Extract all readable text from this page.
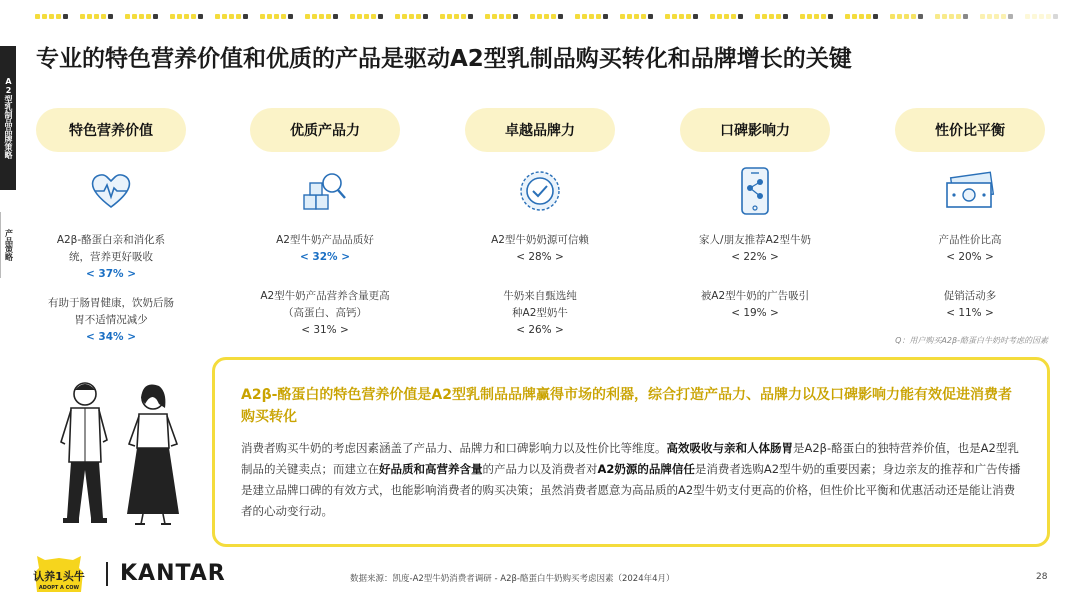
A2型乳制品品牌策略
产品策略
专业的特色营养价值和优质的产品是驱动A2型乳制品购买转化和品牌增长的关键
特色营养价值
A2β-酪蛋白亲和消化系统，营养更好吸收
< 37% >
有助于肠胃健康，饮奶后肠胃不适情况减少
< 34% >
优质产品力
A2型牛奶产品品质好
< 32% >
A2型牛奶产品营养含量更高（高蛋白、高钙）
< 31% >
卓越品牌力
A2型牛奶奶源可信赖
< 28% >
牛奶来自甄选纯种A2型奶牛
< 26% >
口碑影响力
家人/朋友推荐A2型牛奶
< 22% >
被A2型牛奶的广告吸引
< 19% >
性价比平衡
产品性价比高
< 20% >
促销活动多
< 11% >
Q：用户购买A2β-酪蛋白牛奶时考虑的因素
A2β-酪蛋白的特色营养价值是A2型乳制品品牌赢得市场的利器，综合打造产品力、品牌力以及口碑影响力能有效促进消费者购买转化
消费者购买牛奶的考虑因素涵盖了产品力、品牌力和口碑影响力以及性价比等维度。高效吸收与亲和人体肠胃是A2β-酪蛋白的独特营养价值，也是A2型乳制品的关键卖点；而建立在好品质和高营养含量的产品力以及消费者对A2奶源的品牌信任是消费者选购A2型牛奶的重要因素；身边亲友的推荐和广告传播是建立品牌口碑的有效方式，也能影响消费者的购买决策；虽然消费者愿意为高品质的A2型牛奶支付更高的价格，但性价比平衡和优惠活动还是能让消费者的心动变行动。
认养1头牛
ADOPT A COW
KANTAR	数据来源：凯度-A2型牛奶消费者调研 - A2β-酪蛋白牛奶购买考虑因素（2024年4月）	28
